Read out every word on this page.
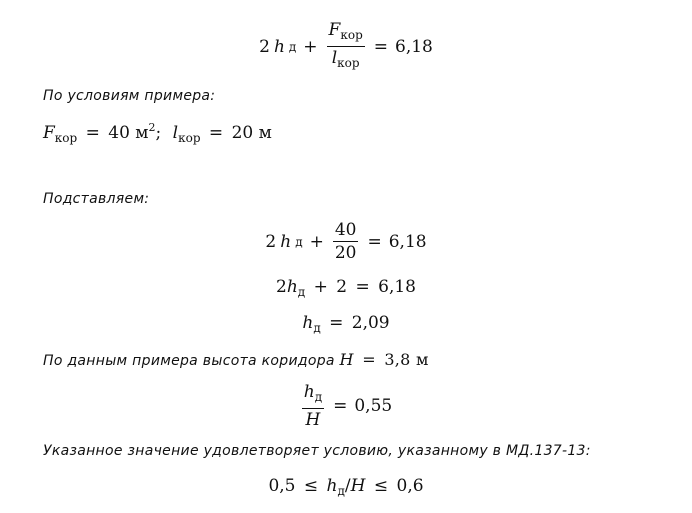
2 h $д + \frac{F_{кор}}{l_{кор}} = 6,18$
По условиям примера:
$F_{кор} = 40$ $м^2$; $l_{кор} = 20$ м
Подставляем:
2 h $д + \frac{40}{20} = 6,18$
$2h_д + 2 = 6,18$
$h_д = 2,09$
По данным примера высота коридора H = 3,8 м
$\frac{h_д}{H} = 0,55$
Указанное значение удовлетворяет условию, указанному в МД.137-13:
$0,5 \le h_д/H \le 0,6$
